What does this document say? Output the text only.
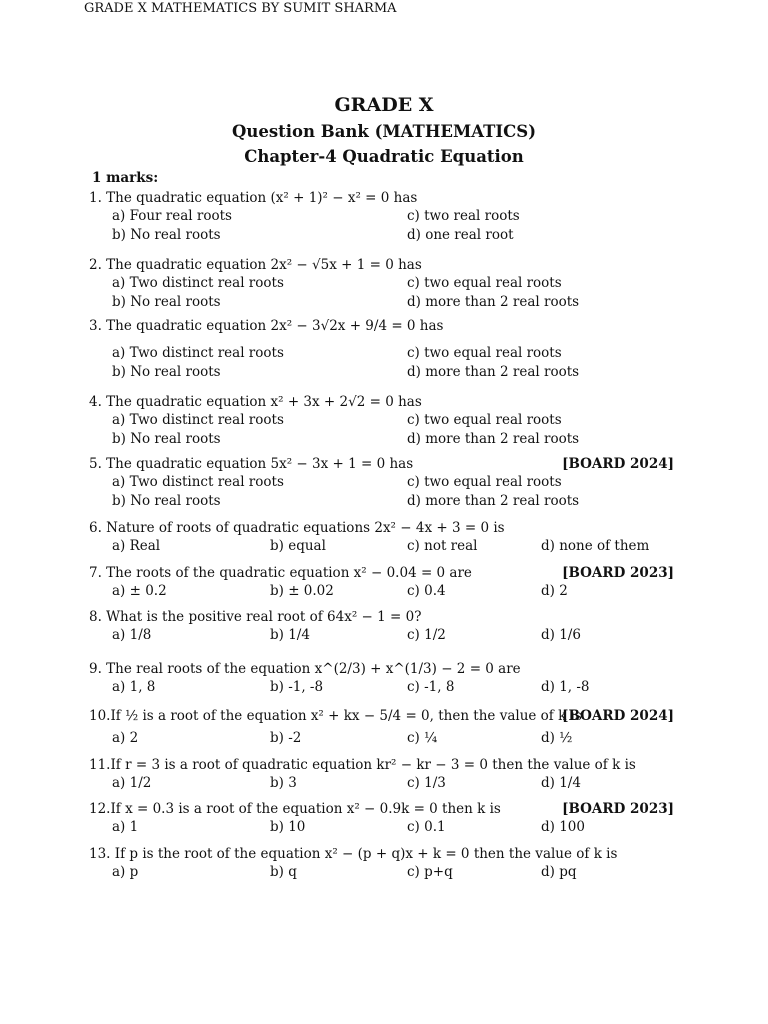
GRADE X MATHEMATICS BY SUMIT SHARMA
GRADE X
Question Bank (MATHEMATICS)
Chapter-4 Quadratic Equation
1 marks:
1. The quadratic equation (x² + 1)² − x² = 0 has
a) Four real roots	c) two real roots
b) No real roots	d) one real root
2. The quadratic equation 2x² − √5x + 1 = 0 has
a) Two distinct real roots	c) two equal real roots
b) No real roots	d) more than 2 real roots
3. The quadratic equation 2x² − 3√2x + 9/4 = 0 has
a) Two distinct real roots	c) two equal real roots
b) No real roots	d) more than 2 real roots
4. The quadratic equation x² + 3x + 2√2 = 0 has
a) Two distinct real roots	c) two equal real roots
b) No real roots	d) more than 2 real roots
5. The quadratic equation 5x² − 3x + 1 = 0 has	[BOARD 2024]
a) Two distinct real roots	c) two equal real roots
b) No real roots	d) more than 2 real roots
6. Nature of roots of quadratic equations 2x² − 4x + 3 = 0 is
a) Real	b) equal	c) not real	d) none of them
7. The roots of the quadratic equation x² − 0.04 = 0 are	[BOARD 2023]
a) ± 0.2	b) ± 0.02	c) 0.4	d) 2
8. What is the positive real root of 64x² − 1 = 0?
a) 1/8	b) 1/4	c) 1/2	d) 1/6
9. The real roots of the equation x^(2/3) + x^(1/3) − 2 = 0 are
a) 1, 8	b) -1, -8	c) -1, 8	d) 1, -8
10.If ½ is a root of the equation x² + kx − 5/4 = 0, then the value of k is
[BOARD 2024]
a) 2	b) -2	c) ¼	d) ½
11.If r = 3 is a root of quadratic equation kr² − kr − 3 = 0 then the value of k is
a) 1/2	b) 3	c) 1/3	d) 1/4
12.If x = 0.3 is a root of the equation x² − 0.9k = 0 then k is	[BOARD 2023]
a) 1	b) 10	c) 0.1	d) 100
13. If p is the root of the equation x² − (p + q)x + k = 0 then the value of k is
a) p	b) q	c) p+q	d) pq
